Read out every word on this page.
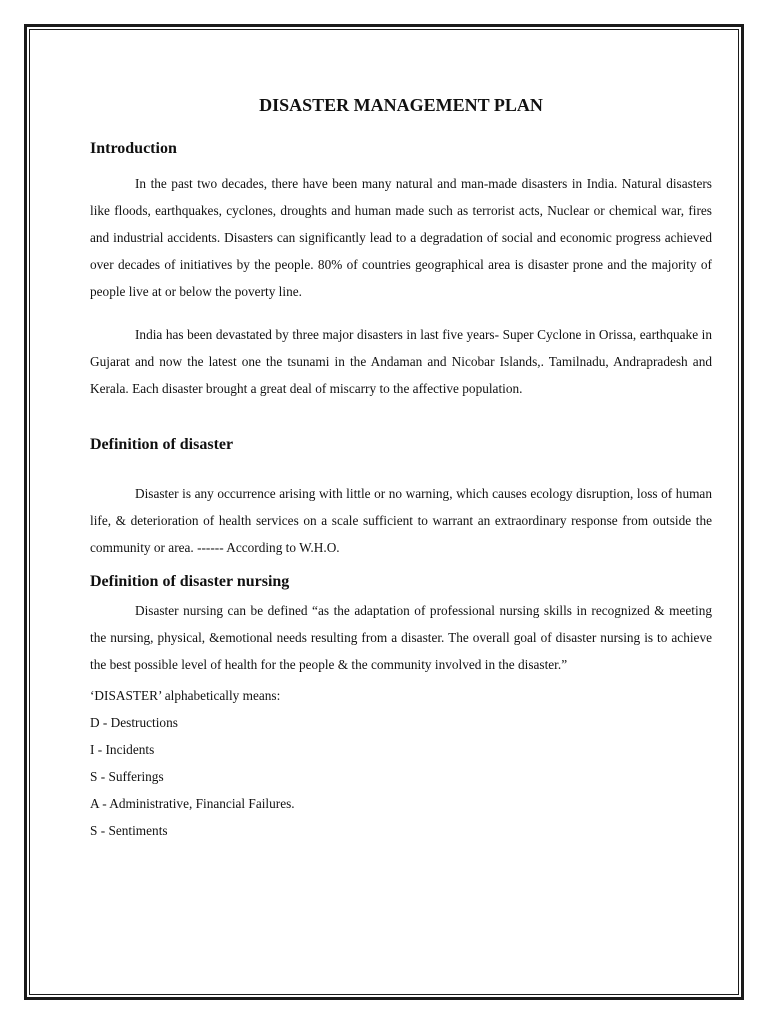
DISASTER MANAGEMENT PLAN
Introduction

In the past two decades, there have been many natural and man-made disasters in India. Natural disasters like floods, earthquakes, cyclones, droughts and human made such as terrorist acts, Nuclear or chemical war, fires and industrial accidents. Disasters can significantly lead to a degradation of social and economic progress achieved over decades of initiatives by the people. 80% of countries geographical area is disaster prone and the majority of people live at or below the poverty line.

India has been devastated by three major disasters in last five years- Super Cyclone in Orissa, earthquake in Gujarat and now the latest one the tsunami in the Andaman and Nicobar Islands,. Tamilnadu, Andrapradesh and Kerala. Each disaster brought a great deal of miscarry to the affective population.

Definition of disaster

Disaster is any occurrence arising with little or no warning, which causes ecology disruption, loss of human life, & deterioration of health services on a scale sufficient to warrant an extraordinary response from outside the community or area. ------ According to W.H.O.

Definition of disaster nursing

Disaster nursing can be defined “as the adaptation of professional nursing skills in recognized & meeting the nursing, physical, &emotional needs resulting from a disaster. The overall goal of disaster nursing is to achieve the best possible level of health for the people & the community involved in the disaster.”

‘DISASTER’ alphabetically means:

D - Destructions

I - Incidents

S - Sufferings

A - Administrative, Financial Failures.

S - Sentiments
